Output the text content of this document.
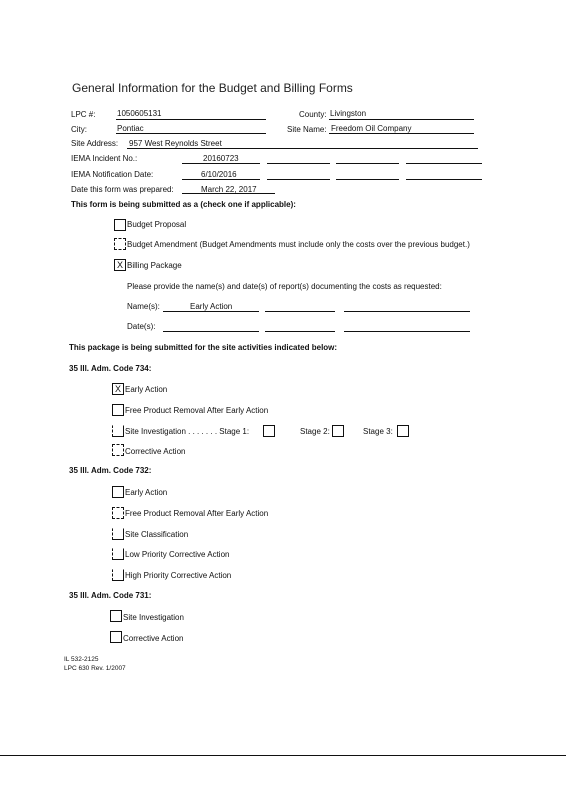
General Information for the Budget and Billing Forms
LPC #:	1050605131	County: Livingston
City:	Pontiac	Site Name: Freedom Oil Company
Site Address: 957 West Reynolds Street
IEMA Incident No.:	20160723
IEMA Notification Date:	6/10/2016
Date this form was prepared:	March 22, 2017
This form is being submitted as a (check one if applicable):
Budget Proposal
Budget Amendment (Budget Amendments must include only the costs over the previous budget.)
X Billing Package
Please provide the name(s) and date(s) of report(s) documenting the costs as requested:
Name(s):	Early Action
Date(s):
This package is being submitted for the site activities indicated below:
35 Ill. Adm. Code 734:
X Early Action
Free Product Removal After Early Action
Site Investigation . . . . . . . Stage 1:	Stage 2:	Stage 3:
Corrective Action
35 Ill. Adm. Code 732:
Early Action
Free Product Removal After Early Action
Site Classification
Low Priority Corrective Action
High Priority Corrective Action
35 Ill. Adm. Code 731:
Site Investigation
Corrective Action
IL 532-2125
LPC 630 Rev. 1/2007
